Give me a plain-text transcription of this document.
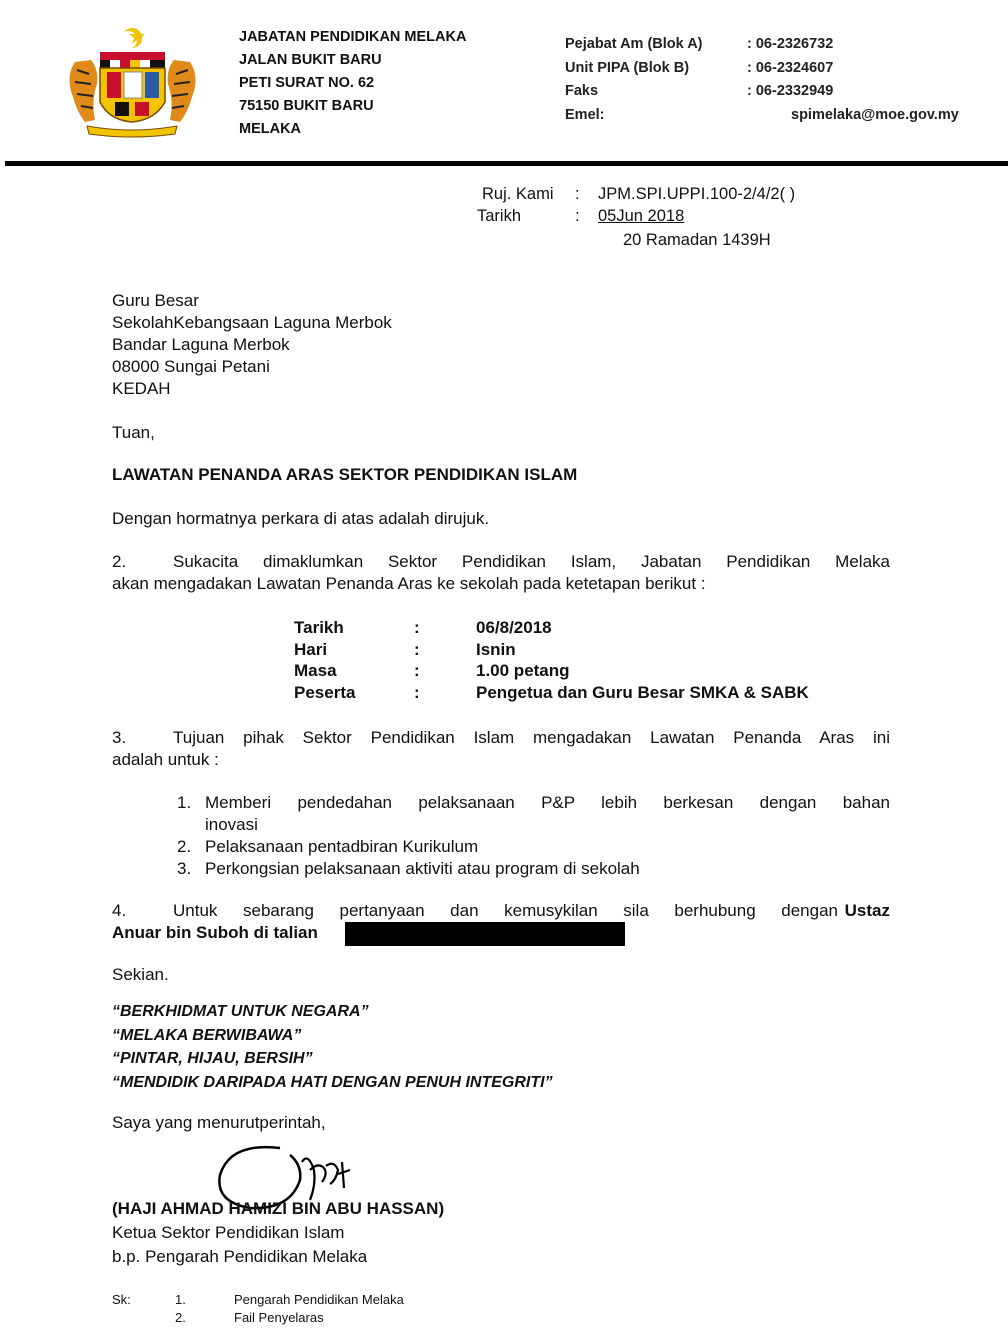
JABATAN PENDIDIKAN MELAKA
JALAN BUKIT BARU
PETI SURAT NO. 62
75150 BUKIT BARU
MELAKA
Pejabat Am (Blok A)	: 06-2326732
Unit PIPA (Blok B)	: 06-2324607
Faks	: 06-2332949
Emel:	spimelaka@moe.gov.my
Ruj. Kami : JPM.SPI.UPPI.100-2/4/2( )
Tarikh	: 05Jun 2018
20 Ramadan 1439H
Guru Besar
SekolahKebangsaan Laguna Merbok
Bandar Laguna Merbok
08000 Sungai Petani
KEDAH
Tuan,
LAWATAN PENANDA ARAS SEKTOR PENDIDIKAN ISLAM
Dengan hormatnya perkara di atas adalah dirujuk.
2.	Sukacita dimaklumkan Sektor Pendidikan Islam, Jabatan Pendidikan Melaka
akan mengadakan Lawatan Penanda Aras ke sekolah pada ketetapan berikut :
Tarikh	:	06/8/2018
Hari	:	Isnin
Masa	:	1.00 petang
Peserta	:	Pengetua dan Guru Besar SMKA & SABK
3.	Tujuan pihak Sektor Pendidikan Islam mengadakan Lawatan Penanda Aras ini
adalah untuk :
1. Memberi pendedahan pelaksanaan P&P lebih berkesan dengan bahan
inovasi
2. Pelaksanaan pentadbiran Kurikulum
3. Perkongsian pelaksanaan aktiviti atau program di sekolah
4.	Untuk sebarang pertanyaan dan kemusykilan sila berhubung dengan Ustaz
Anuar bin Suboh di talian
Sekian.
“BERKHIDMAT UNTUK NEGARA”
“MELAKA BERWIBAWA”
“PINTAR, HIJAU, BERSIH”
“MENDIDIK DARIPADA HATI DENGAN PENUH INTEGRITI”
Saya yang menurutperintah,
(HAJI AHMAD HAMIZI BIN ABU HASSAN)
Ketua Sektor Pendidikan Islam
b.p. Pengarah Pendidikan Melaka
Sk:	1.	Pengarah Pendidikan Melaka
2.	Fail Penyelaras
